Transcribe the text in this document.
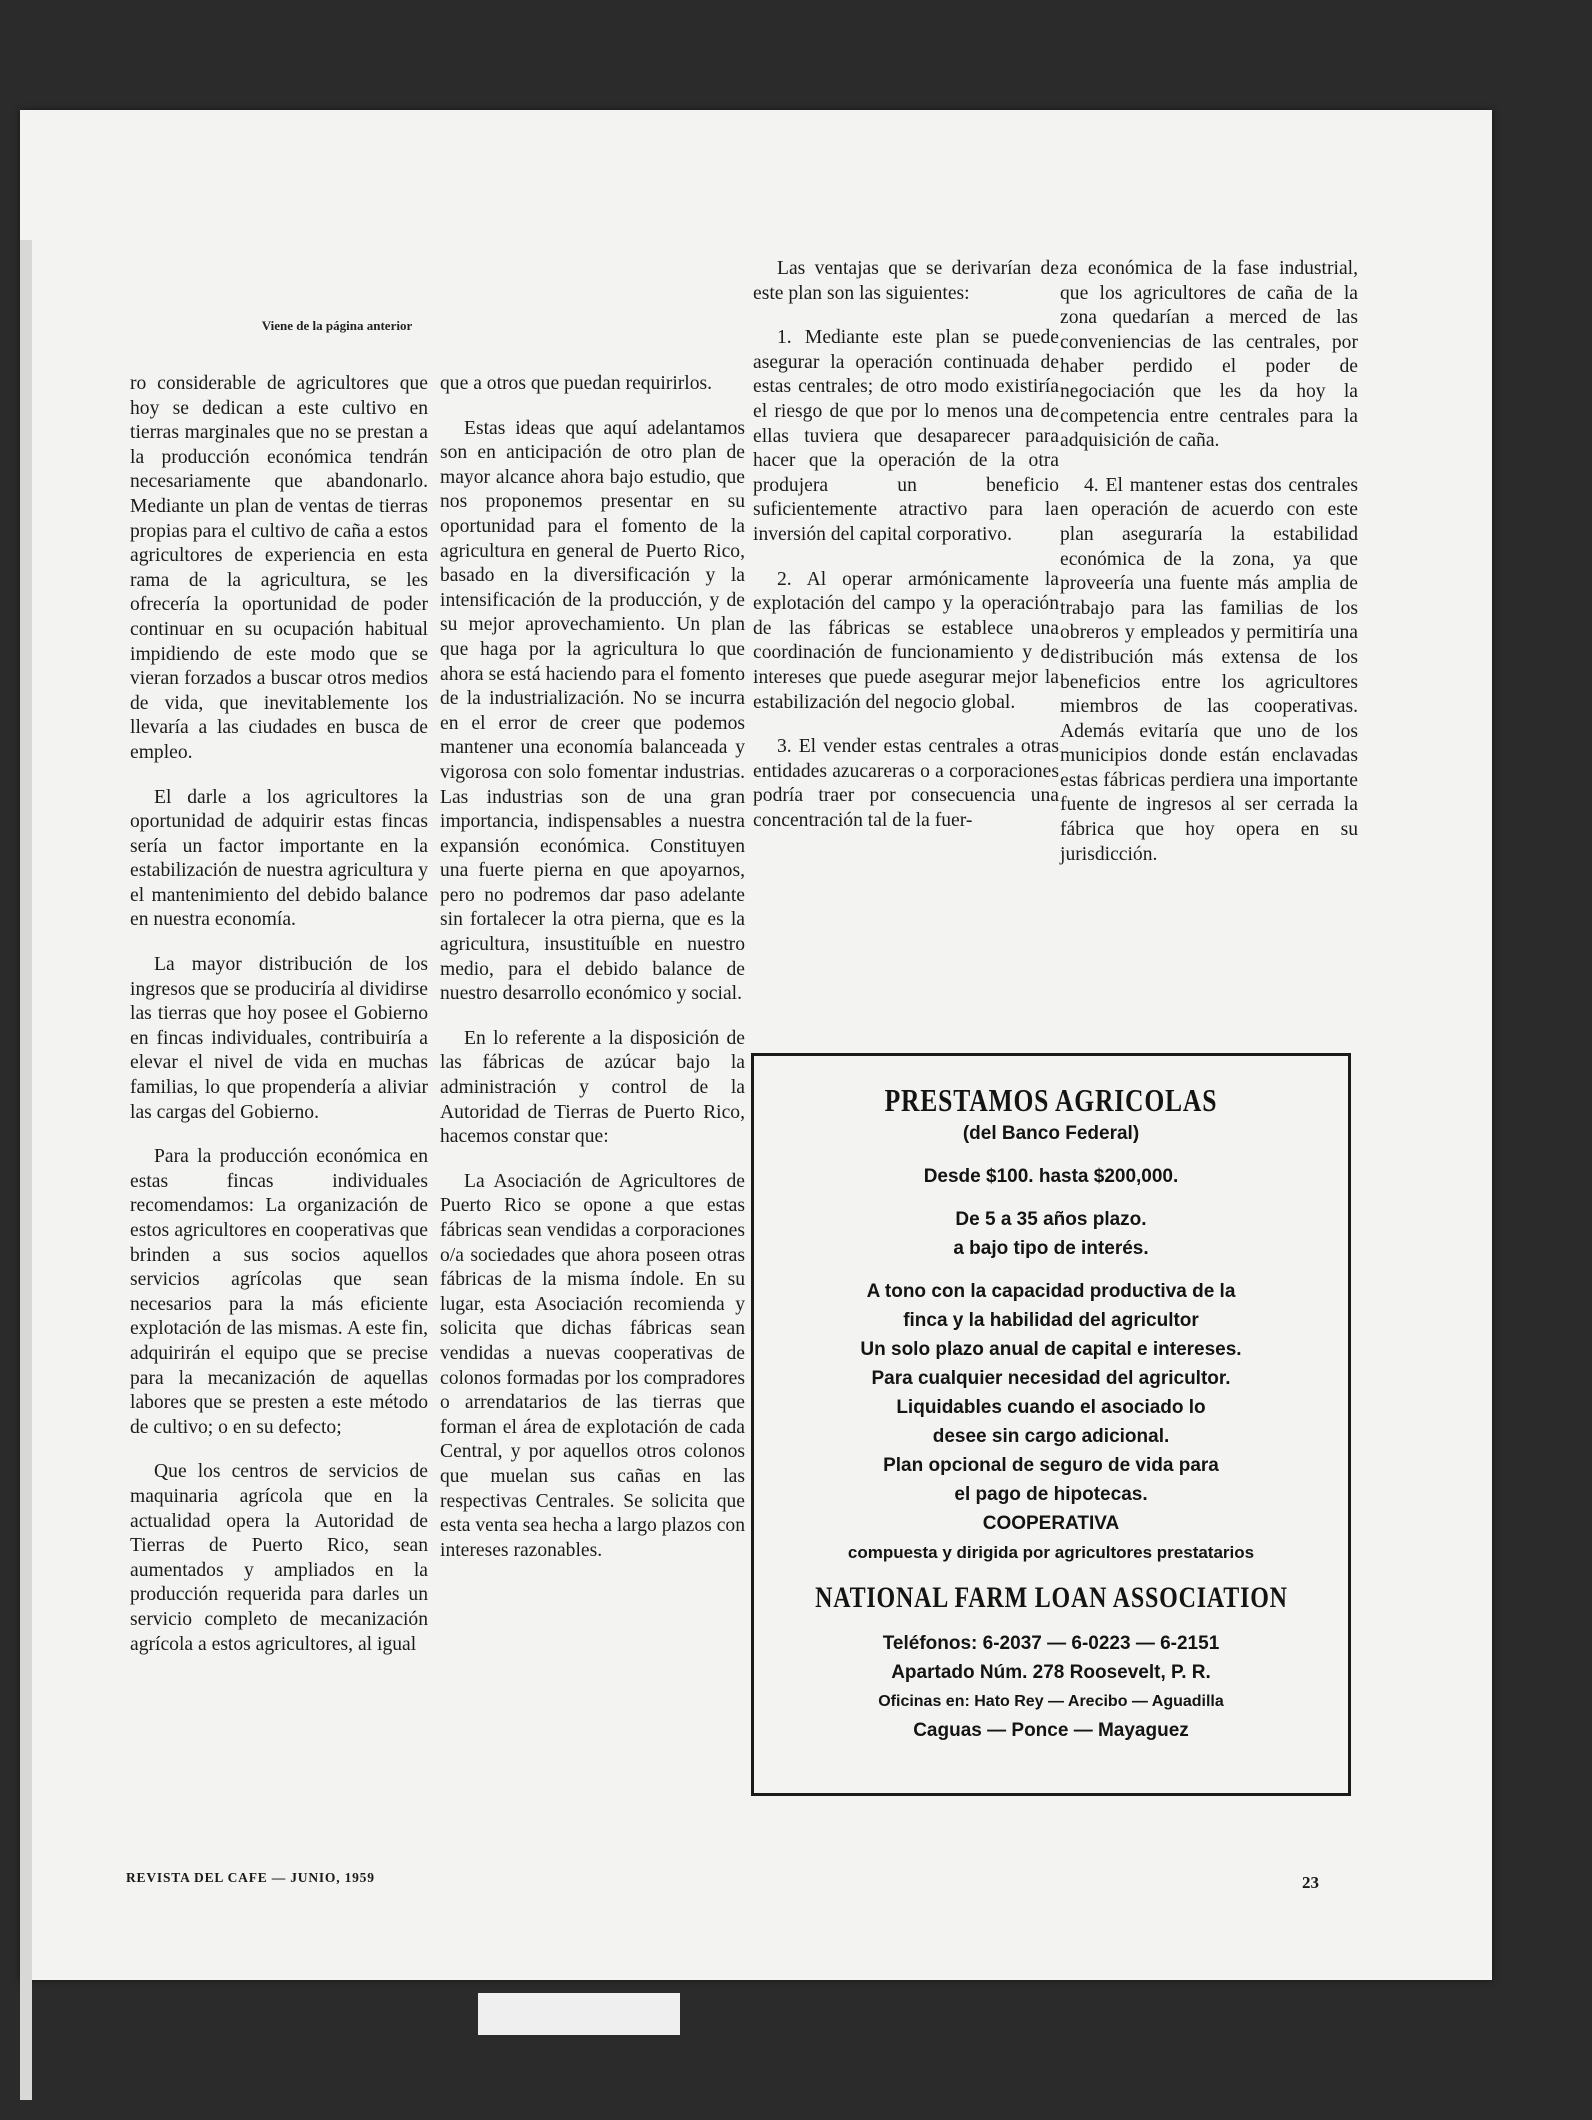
Viene de la página anterior

ro considerable de agricultores que hoy se dedican a este cultivo en tierras marginales que no se prestan a la producción económica tendrán necesariamente que abandonarlo. Mediante un plan de ventas de tierras propias para el cultivo de caña a estos agricultores de experiencia en esta rama de la agricultura, se les ofrecería la oportunidad de poder continuar en su ocupación habitual impidiendo de este modo que se vieran forzados a buscar otros medios de vida, que inevitablemente los llevaría a las ciudades en busca de empleo.

El darle a los agricultores la oportunidad de adquirir estas fincas sería un factor importante en la estabilización de nuestra agricultura y el mantenimiento del debido balance en nuestra economía.

La mayor distribución de los ingresos que se produciría al dividirse las tierras que hoy posee el Gobierno en fincas individuales, contribuiría a elevar el nivel de vida en muchas familias, lo que propendería a aliviar las cargas del Gobierno.

Para la producción económica en estas fincas individuales recomendamos: La organización de estos agricultores en cooperativas que brinden a sus socios aquellos servicios agrícolas que sean necesarios para la más eficiente explotación de las mismas. A este fin, adquirirán el equipo que se precise para la mecanización de aquellas labores que se presten a este método de cultivo; o en su defecto;

Que los centros de servicios de maquinaria agrícola que en la actualidad opera la Autoridad de Tierras de Puerto Rico, sean aumentados y ampliados en la producción requerida para darles un servicio completo de mecanización agrícola a estos agricultores, al igual

que a otros que puedan requirirlos.

Estas ideas que aquí adelantamos son en anticipación de otro plan de mayor alcance ahora bajo estudio, que nos proponemos presentar en su oportunidad para el fomento de la agricultura en general de Puerto Rico, basado en la diversificación y la intensificación de la producción, y de su mejor aprovechamiento. Un plan que haga por la agricultura lo que ahora se está haciendo para el fomento de la industrialización. No se incurra en el error de creer que podemos mantener una economía balanceada y vigorosa con solo fomentar industrias. Las industrias son de una gran importancia, indispensables a nuestra expansión económica. Constituyen una fuerte pierna en que apoyarnos, pero no podremos dar paso adelante sin fortalecer la otra pierna, que es la agricultura, insustituíble en nuestro medio, para el debido balance de nuestro desarrollo económico y social.

En lo referente a la disposición de las fábricas de azúcar bajo la administración y control de la Autoridad de Tierras de Puerto Rico, hacemos constar que:

La Asociación de Agricultores de Puerto Rico se opone a que estas fábricas sean vendidas a corporaciones o/a sociedades que ahora poseen otras fábricas de la misma índole. En su lugar, esta Asociación recomienda y solicita que dichas fábricas sean vendidas a nuevas cooperativas de colonos formadas por los compradores o arrendatarios de las tierras que forman el área de explotación de cada Central, y por aquellos otros colonos que muelan sus cañas en las respectivas Centrales. Se solicita que esta venta sea hecha a largo plazos con intereses razonables.

Las ventajas que se derivarían de este plan son las siguientes:

1. Mediante este plan se puede asegurar la operación continuada de estas centrales; de otro modo existiría el riesgo de que por lo menos una de ellas tuviera que desaparecer para hacer que la operación de la otra produjera un beneficio suficientemente atractivo para la inversión del capital corporativo.

2. Al operar armónicamente la explotación del campo y la operación de las fábricas se establece una coordinación de funcionamiento y de intereses que puede asegurar mejor la estabilización del negocio global.

3. El vender estas centrales a otras entidades azucareras o a corporaciones podría traer por consecuencia una concentración tal de la fuer-

za económica de la fase industrial, que los agricultores de caña de la zona quedarían a merced de las conveniencias de las centrales, por haber perdido el poder de negociación que les da hoy la competencia entre centrales para la adquisición de caña.

4. El mantener estas dos centrales en operación de acuerdo con este plan aseguraría la estabilidad económica de la zona, ya que proveería una fuente más amplia de trabajo para las familias de los obreros y empleados y permitiría una distribución más extensa de los beneficios entre los agricultores miembros de las cooperativas. Además evitaría que uno de los municipios donde están enclavadas estas fábricas perdiera una importante fuente de ingresos al ser cerrada la fábrica que hoy opera en su jurisdicción.

PRESTAMOS AGRICOLAS
(del Banco Federal)
Desde $100. hasta $200,000.
De 5 a 35 años plazo.
a bajo tipo de interés.
A tono con la capacidad productiva de la
finca y la habilidad del agricultor
Un solo plazo anual de capital e intereses.
Para cualquier necesidad del agricultor.
Liquidables cuando el asociado lo
desee sin cargo adicional.
Plan opcional de seguro de vida para
el pago de hipotecas.
COOPERATIVA
compuesta y dirigida por agricultores prestatarios
NATIONAL FARM LOAN ASSOCIATION
Teléfonos: 6-2037 — 6-0223 — 6-2151
Apartado Núm. 278 Roosevelt, P. R.
Oficinas en: Hato Rey — Arecibo — Aguadilla
Caguas — Ponce — Mayaguez
REVISTA DEL CAFE — JUNIO, 1959	23
